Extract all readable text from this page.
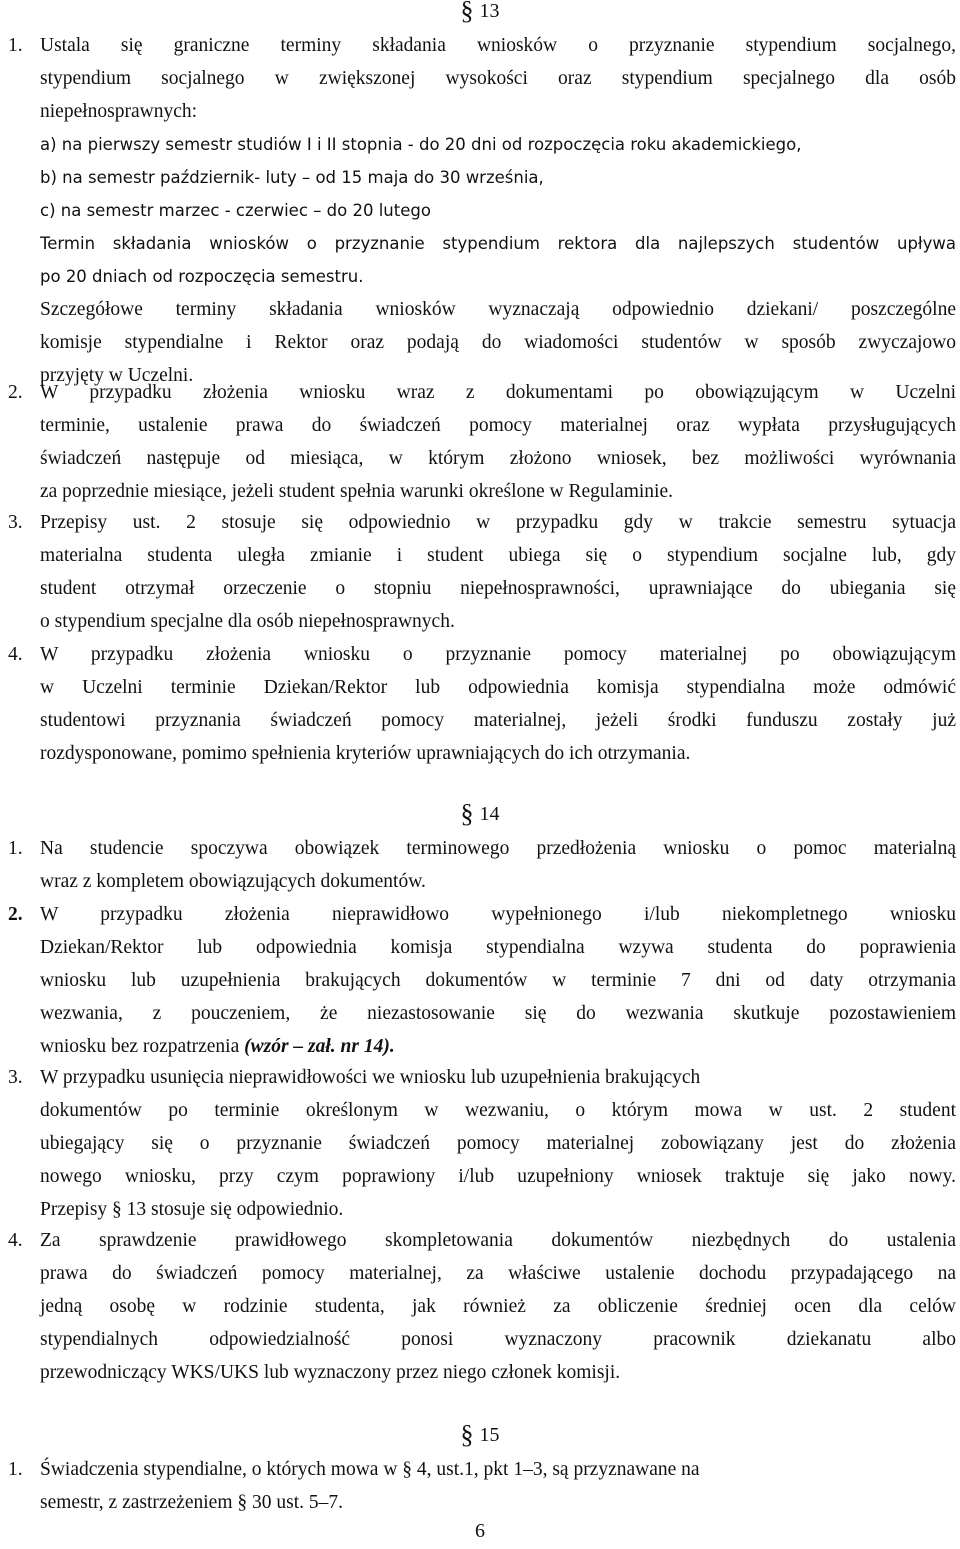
§ 13
1. Ustala się graniczne terminy składania wniosków o przyznanie stypendium socjalnego,
stypendium socjalnego w zwiększonej wysokości oraz stypendium specjalnego dla osób
niepełnosprawnych:
a) na pierwszy semestr studiów I i II stopnia - do 20 dni od rozpoczęcia roku akademickiego,
b) na semestr październik- luty – od 15 maja do 30 września,
c) na semestr marzec - czerwiec – do 20 lutego
Termin składania wniosków o przyznanie stypendium rektora dla najlepszych studentów upływa
po 20 dniach od rozpoczęcia semestru.
Szczegółowe terminy składania wniosków wyznaczają odpowiednio dziekani/ poszczególne
komisje stypendialne i Rektor oraz podają do wiadomości studentów w sposób zwyczajowo
przyjęty w Uczelni.
2. W przypadku złożenia wniosku wraz z dokumentami po obowiązującym w Uczelni
terminie, ustalenie prawa do świadczeń pomocy materialnej oraz wypłata przysługujących
świadczeń następuje od miesiąca, w którym złożono wniosek, bez możliwości wyrównania
za poprzednie miesiące, jeżeli student spełnia warunki określone w Regulaminie.
3. Przepisy ust. 2 stosuje się odpowiednio w przypadku gdy w trakcie semestru sytuacja
materialna studenta uległa zmianie i student ubiega się o stypendium socjalne lub, gdy
student otrzymał orzeczenie o stopniu niepełnosprawności, uprawniające do ubiegania się
o stypendium specjalne dla osób niepełnosprawnych.
4. W przypadku złożenia wniosku o przyznanie pomocy materialnej po obowiązującym
w Uczelni terminie Dziekan/Rektor lub odpowiednia komisja stypendialna może odmówić
studentowi przyznania świadczeń pomocy materialnej, jeżeli środki funduszu zostały już
rozdysponowane, pomimo spełnienia kryteriów uprawniających do ich otrzymania.
§ 14
1. Na studencie spoczywa obowiązek terminowego przedłożenia wniosku o pomoc materialną
wraz z kompletem obowiązujących dokumentów.
2. W przypadku złożenia nieprawidłowo wypełnionego i/lub niekompletnego wniosku
Dziekan/Rektor lub odpowiednia komisja stypendialna wzywa studenta do poprawienia
wniosku lub uzupełnienia brakujących dokumentów w terminie 7 dni od daty otrzymania
wezwania, z pouczeniem, że niezastosowanie się do wezwania skutkuje pozostawieniem
wniosku bez rozpatrzenia (wzór – zał. nr 14).
3. W przypadku usunięcia nieprawidłowości we wniosku lub uzupełnienia brakujących
dokumentów po terminie określonym w wezwaniu, o którym mowa w ust. 2 student
ubiegający się o przyznanie świadczeń pomocy materialnej zobowiązany jest do złożenia
nowego wniosku, przy czym poprawiony i/lub uzupełniony wniosek traktuje się jako nowy.
Przepisy § 13 stosuje się odpowiednio.
4. Za sprawdzenie prawidłowego skompletowania dokumentów niezbędnych do ustalenia
prawa do świadczeń pomocy materialnej, za właściwe ustalenie dochodu przypadającego na
jedną osobę w rodzinie studenta, jak również za obliczenie średniej ocen dla celów
stypendialnych odpowiedzialność ponosi wyznaczony pracownik dziekanatu albo
przewodniczący WKS/UKS lub wyznaczony przez niego członek komisji.
§ 15
1. Świadczenia stypendialne, o których mowa w § 4, ust.1, pkt 1–3, są przyznawane na
semestr, z zastrzeżeniem § 30 ust. 5–7.
6
